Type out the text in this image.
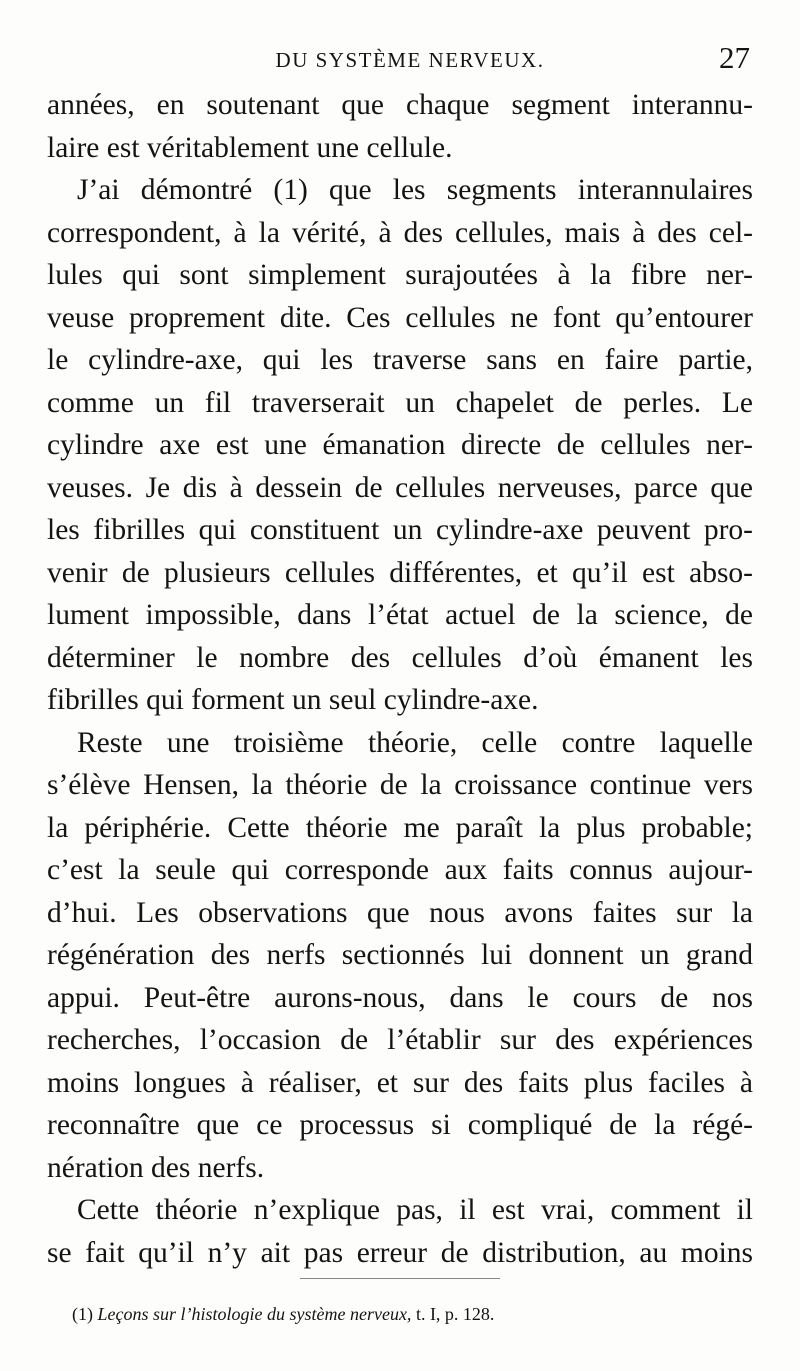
DU SYSTÈME NERVEUX.	27
années, en soutenant que chaque segment interannu-
laire est véritablement une cellule.
J’ai démontré (1) que les segments interannulaires
correspondent, à la vérité, à des cellules, mais à des cel-
lules qui sont simplement surajoutées à la fibre ner-
veuse proprement dite. Ces cellules ne font qu’entourer
le cylindre-axe, qui les traverse sans en faire partie,
comme un fil traverserait un chapelet de perles. Le
cylindre axe est une émanation directe de cellules ner-
veuses. Je dis à dessein de cellules nerveuses, parce que
les fibrilles qui constituent un cylindre-axe peuvent pro-
venir de plusieurs cellules différentes, et qu’il est abso-
lument impossible, dans l’état actuel de la science, de
déterminer le nombre des cellules d’où émanent les
fibrilles qui forment un seul cylindre-axe.
Reste une troisième théorie, celle contre laquelle
s’élève Hensen, la théorie de la croissance continue vers
la périphérie. Cette théorie me paraît la plus probable;
c’est la seule qui corresponde aux faits connus aujour-
d’hui. Les observations que nous avons faites sur la
régénération des nerfs sectionnés lui donnent un grand
appui. Peut-être aurons-nous, dans le cours de nos
recherches, l’occasion de l’établir sur des expériences
moins longues à réaliser, et sur des faits plus faciles à
reconnaître que ce processus si compliqué de la régé-
nération des nerfs.
Cette théorie n’explique pas, il est vrai, comment il
se fait qu’il n’y ait pas erreur de distribution, au moins
(1) Leçons sur l’histologie du système nerveux, t. I, p. 128.
